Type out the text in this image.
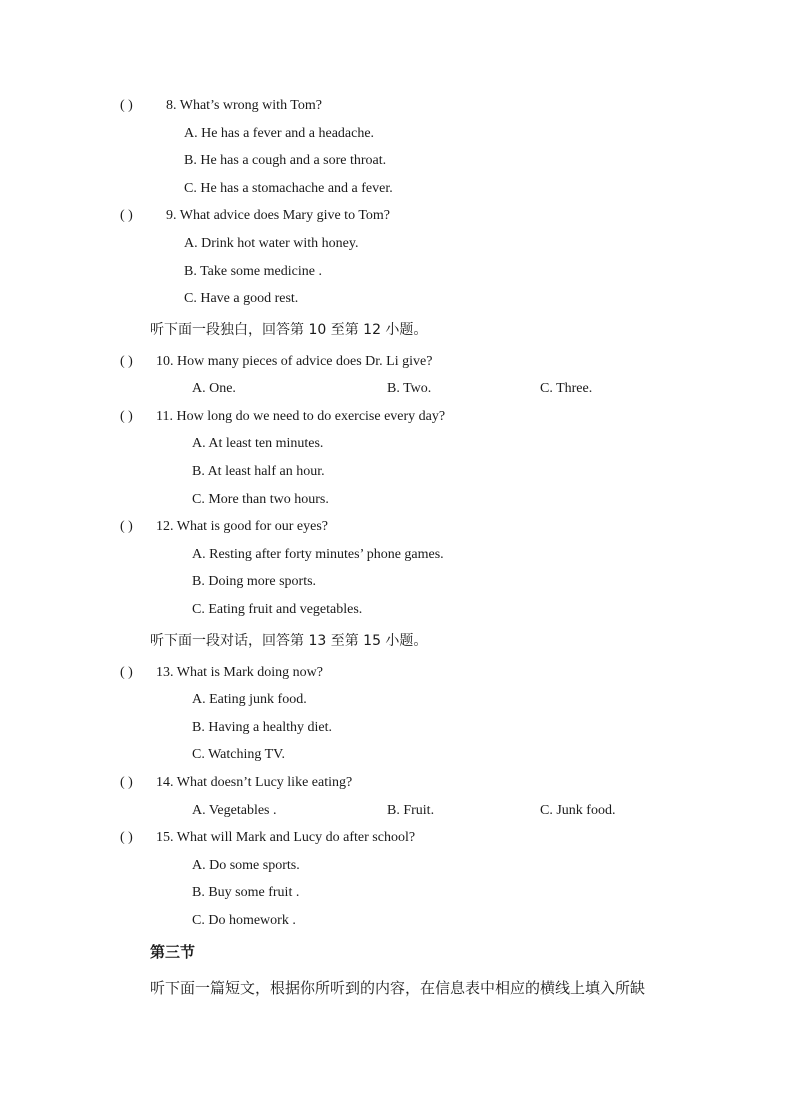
( ) 8. What’s wrong with Tom?
A. He has a fever and a headache.
B. He has a cough and a sore throat.
C. He has a stomachache and a fever.
( ) 9. What advice does Mary give to Tom?
A. Drink hot water with honey.
B. Take some medicine .
C. Have a good rest.
听下面一段独白，回答第 10 至第 12 小题。
( ) 10. How many pieces of advice does Dr. Li give?
A. One.	B. Two.	C. Three.
( ) 11. How long do we need to do exercise every day?
A. At least ten minutes.
B. At least half an hour.
C. More than two hours.
( ) 12. What is good for our eyes?
A. Resting after forty minutes’ phone games.
B. Doing more sports.
C. Eating fruit and vegetables.
听下面一段对话，回答第 13 至第 15 小题。
( ) 13. What is Mark doing now?
A. Eating junk food.
B. Having a healthy diet.
C. Watching TV.
( ) 14. What doesn’t Lucy like eating?
A. Vegetables .	B. Fruit.	C. Junk food.
( ) 15. What will Mark and Lucy do after school?
A. Do some sports.
B. Buy some fruit .
C. Do homework .
第三节
听下面一篇短文，根据你所听到的内容，在信息表中相应的横线上填入所缺
